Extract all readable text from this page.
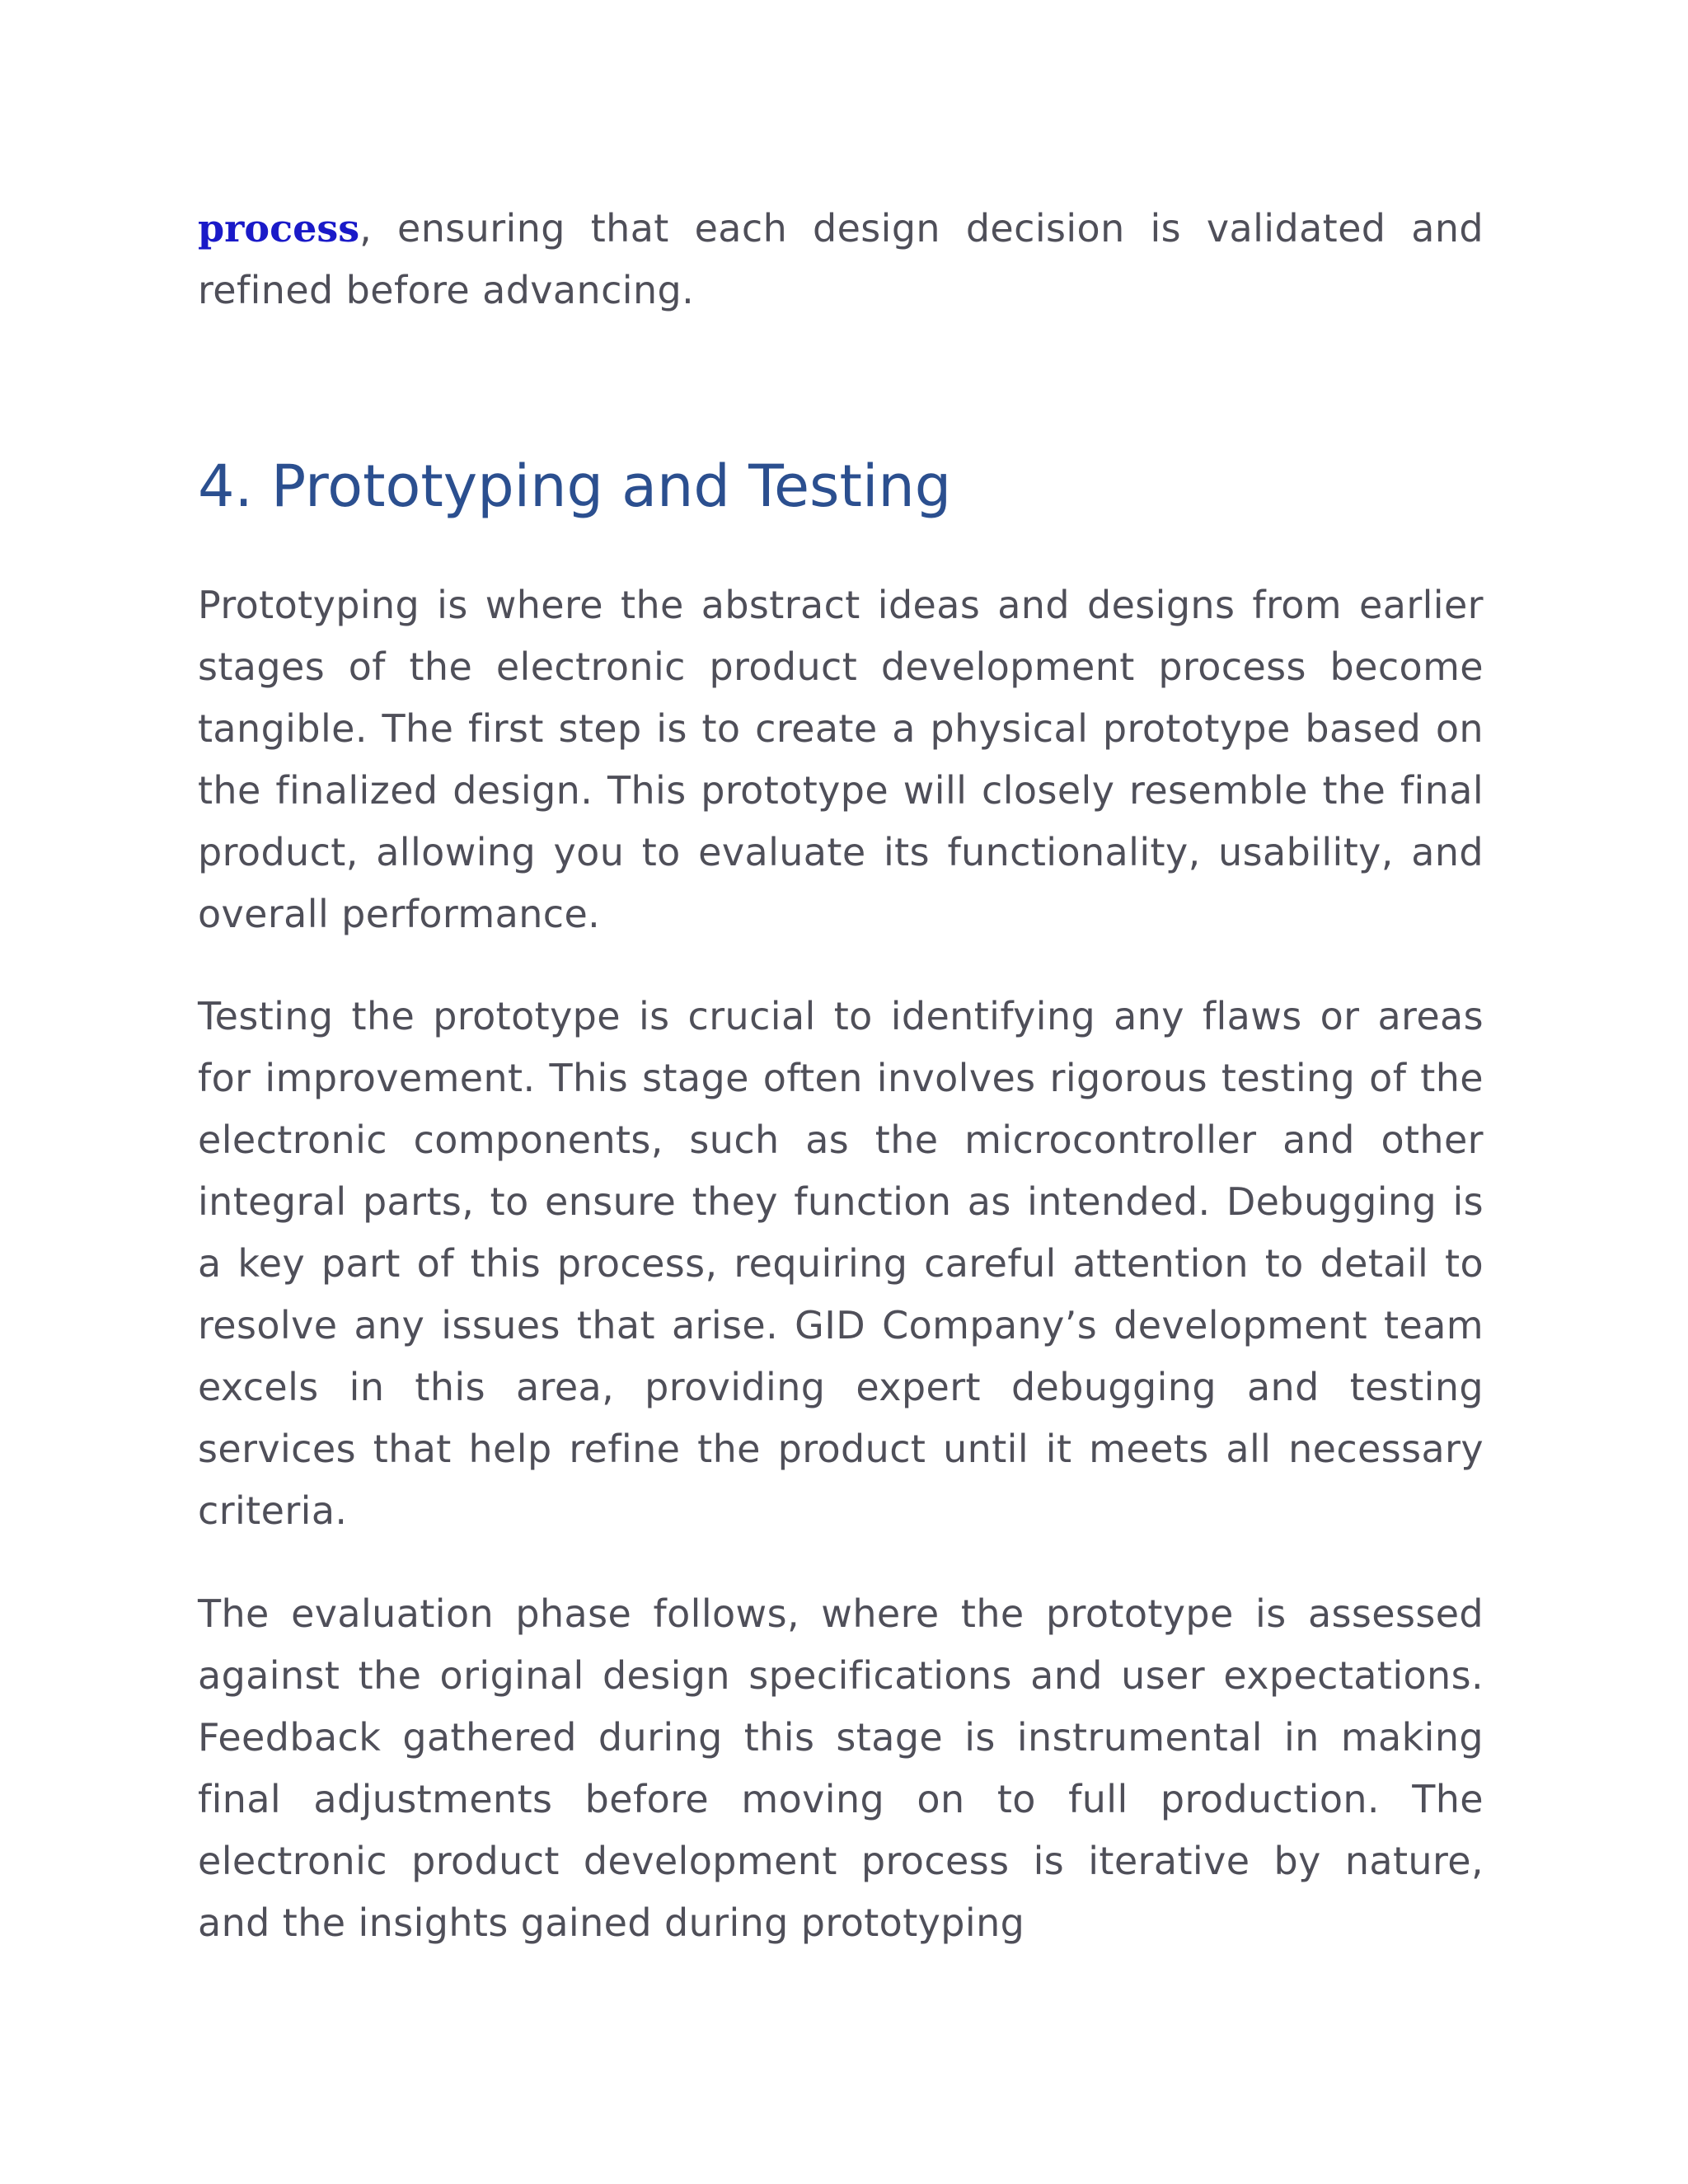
process, ensuring that each design decision is validated and refined before advancing.

4. Prototyping and Testing

Prototyping is where the abstract ideas and designs from earlier stages of the electronic product development process become tangible. The first step is to create a physical prototype based on the finalized design. This prototype will closely resemble the final product, allowing you to evaluate its functionality, usability, and overall performance.

Testing the prototype is crucial to identifying any flaws or areas for improvement. This stage often involves rigorous testing of the electronic components, such as the microcontroller and other integral parts, to ensure they function as intended. Debugging is a key part of this process, requiring careful attention to detail to resolve any issues that arise. GID Company’s development team excels in this area, providing expert debugging and testing services that help refine the product until it meets all necessary criteria.

The evaluation phase follows, where the prototype is assessed against the original design specifications and user expectations. Feedback gathered during this stage is instrumental in making final adjustments before moving on to full production. The electronic product development process is iterative by nature, and the insights gained during prototyping
